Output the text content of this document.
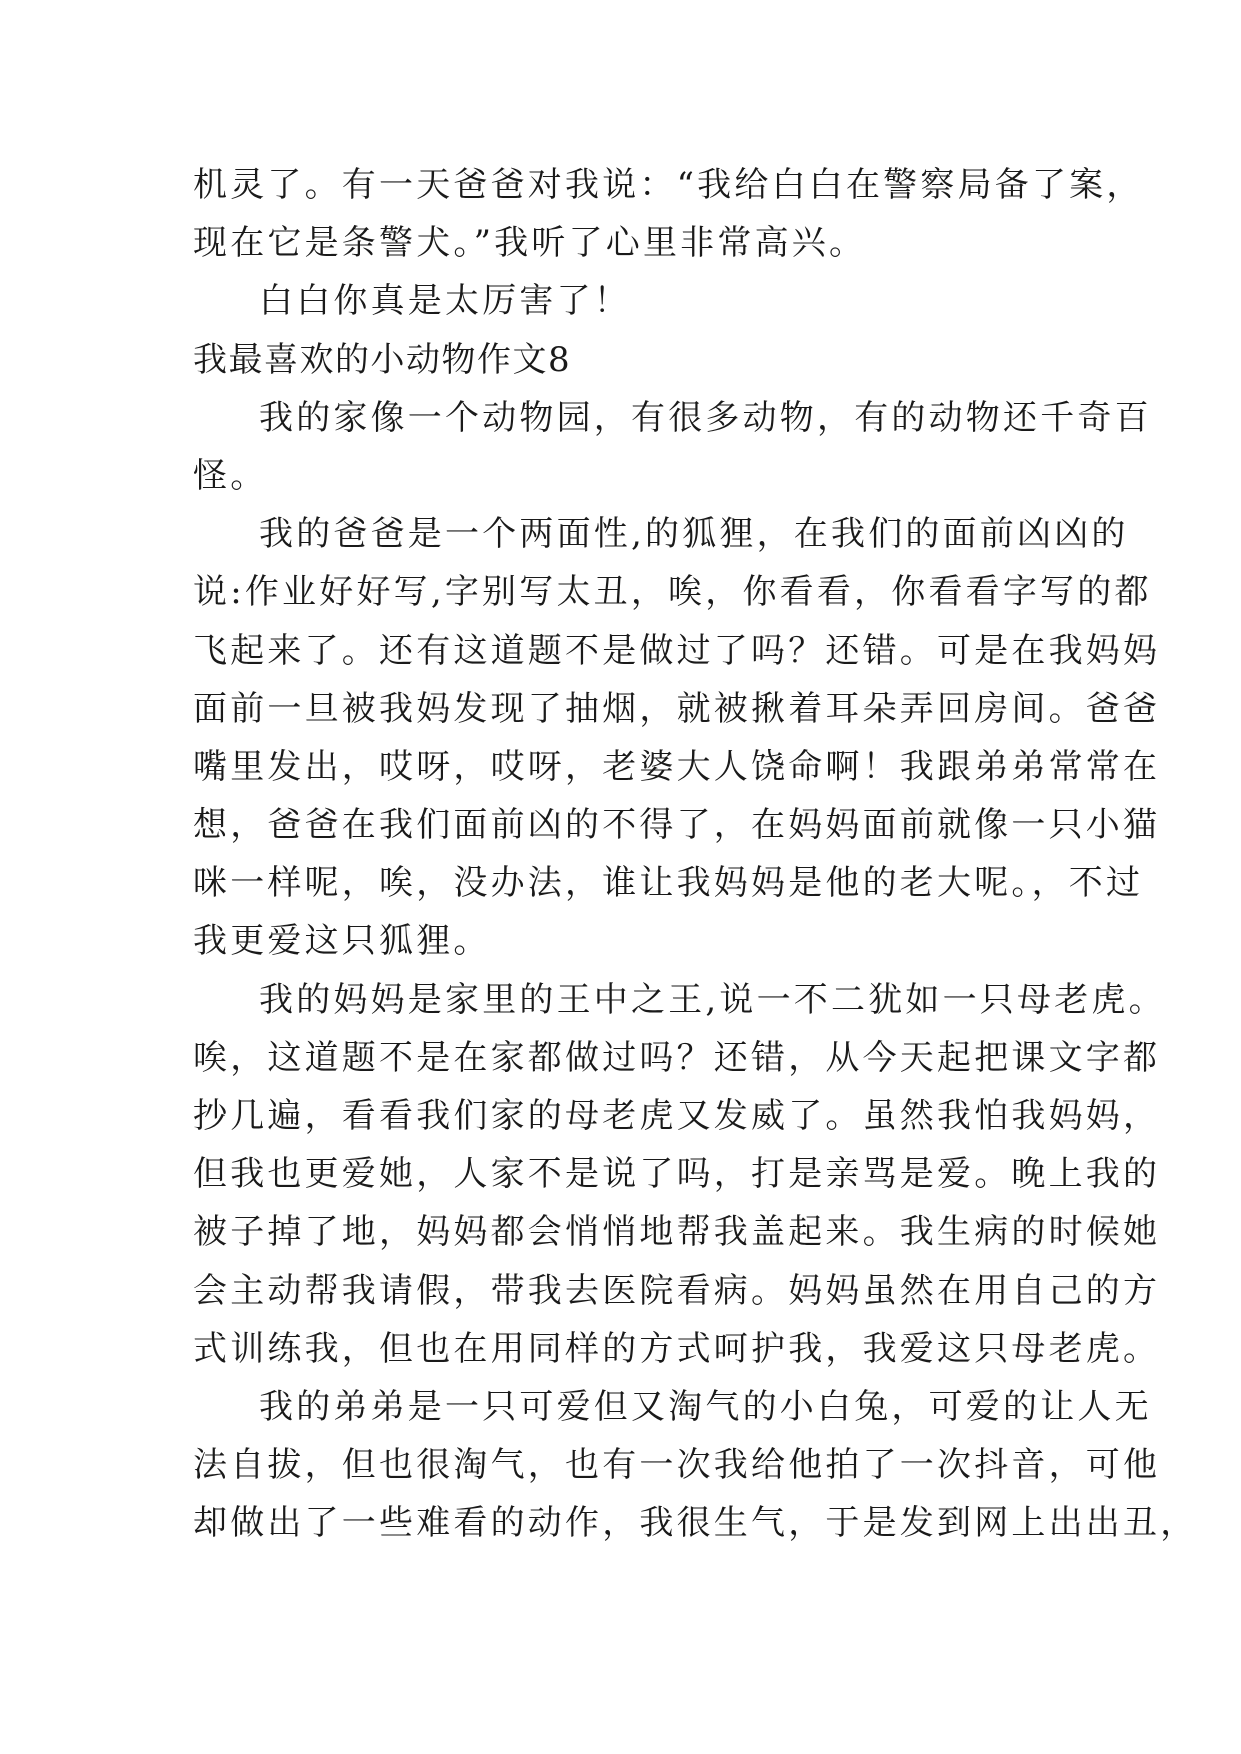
机灵了。有一天爸爸对我说：“我给白白在警察局备了案，
现在它是条警犬。”我听了心里非常高兴。
白白你真是太厉害了！
我最喜欢的小动物作文8
我的家像一个动物园，有很多动物，有的动物还千奇百
怪。
我的爸爸是一个两面性,的狐狸，在我们的面前凶凶的
说:作业好好写,字别写太丑，唉，你看看，你看看字写的都
飞起来了。还有这道题不是做过了吗？还错。可是在我妈妈
面前一旦被我妈发现了抽烟，就被揪着耳朵弄回房间。爸爸
嘴里发出，哎呀，哎呀，老婆大人饶命啊！我跟弟弟常常在
想，爸爸在我们面前凶的不得了，在妈妈面前就像一只小猫
咪一样呢，唉，没办法，谁让我妈妈是他的老大呢。，不过
我更爱这只狐狸。
我的妈妈是家里的王中之王,说一不二犹如一只母老虎。
唉，这道题不是在家都做过吗？还错，从今天起把课文字都
抄几遍，看看我们家的母老虎又发威了。虽然我怕我妈妈，
但我也更爱她，人家不是说了吗，打是亲骂是爱。晚上我的
被子掉了地，妈妈都会悄悄地帮我盖起来。我生病的时候她
会主动帮我请假，带我去医院看病。妈妈虽然在用自己的方
式训练我，但也在用同样的方式呵护我，我爱这只母老虎。
我的弟弟是一只可爱但又淘气的小白兔，可爱的让人无
法自拔，但也很淘气，也有一次我给他拍了一次抖音，可他
却做出了一些难看的动作，我很生气，于是发到网上出出丑，
